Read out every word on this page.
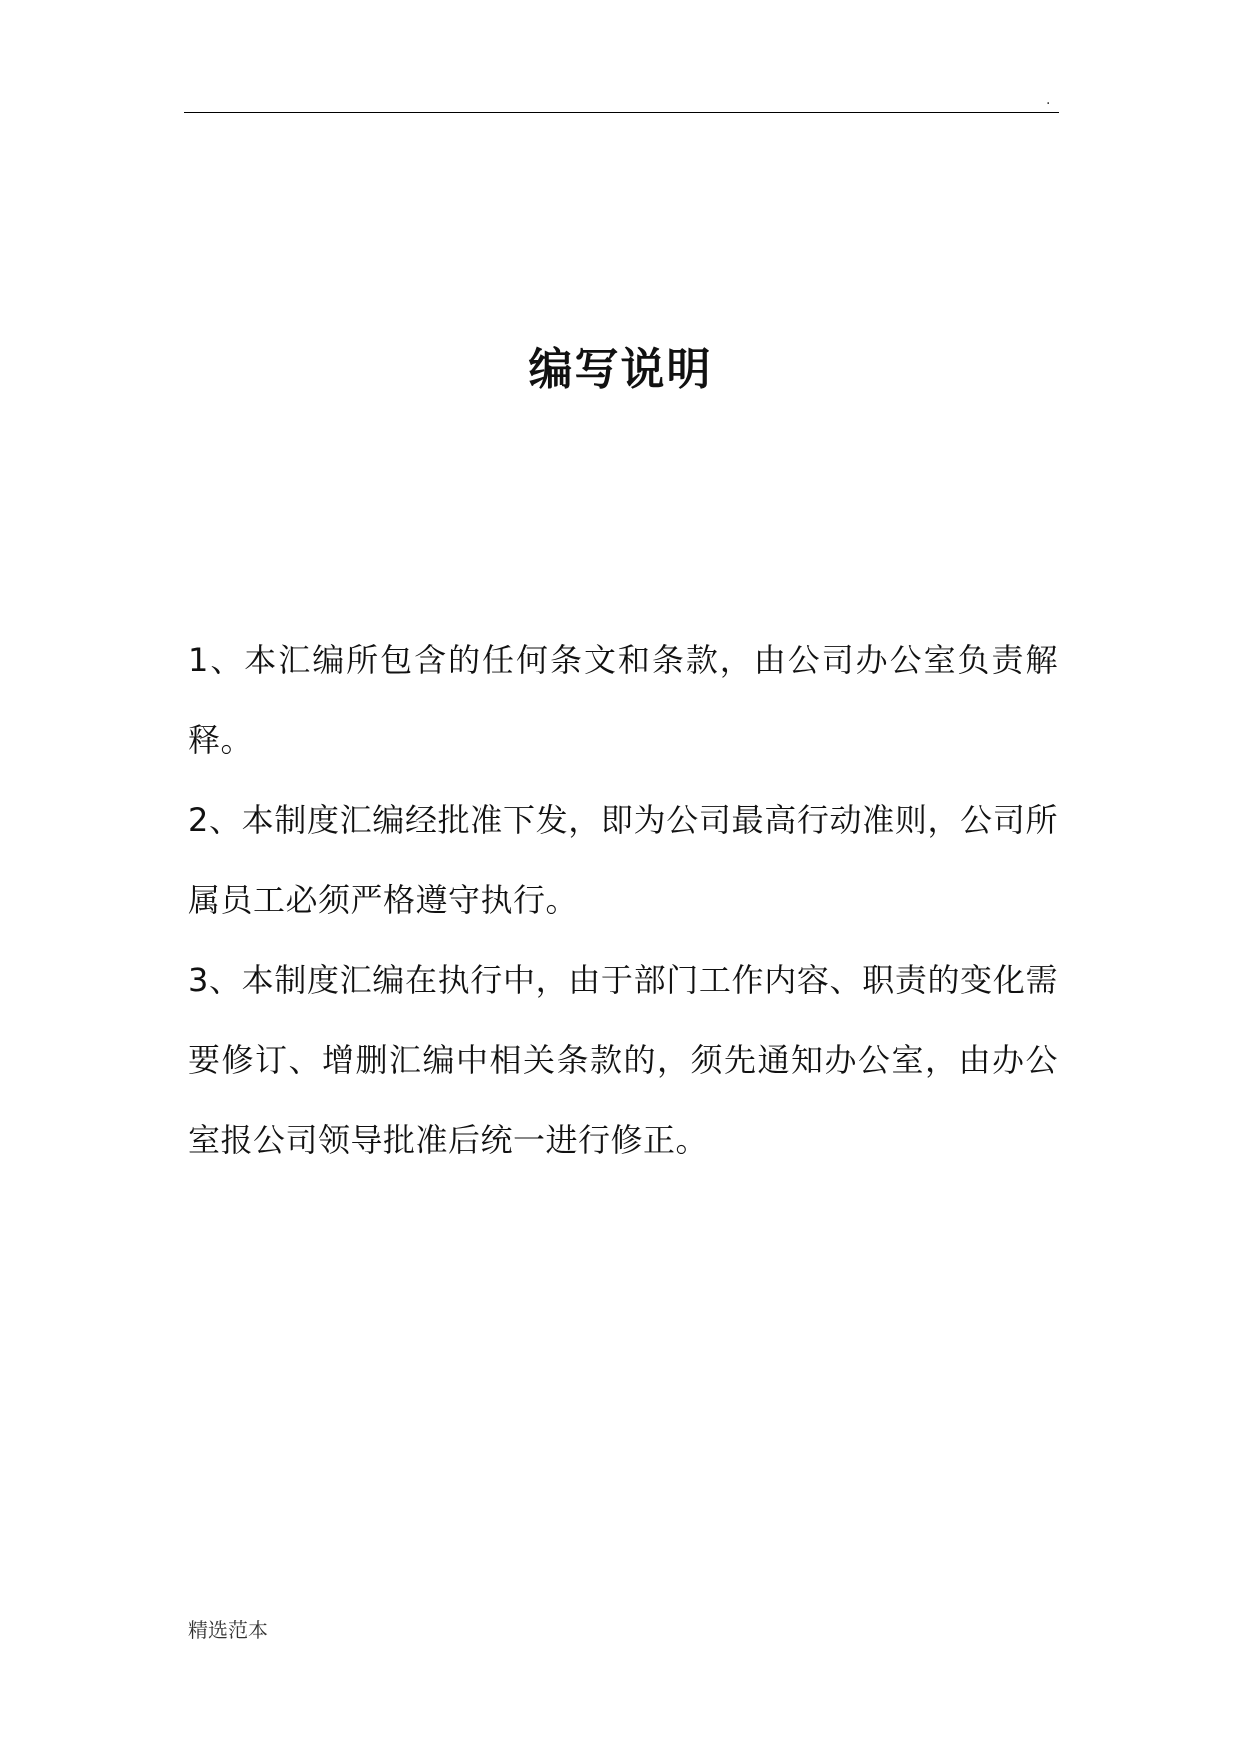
.
编写说明

1、本汇编所包含的任何条文和条款，由公司办公室负责解释。

2、本制度汇编经批准下发，即为公司最高行动准则，公司所属员工必须严格遵守执行。

3、本制度汇编在执行中，由于部门工作内容、职责的变化需要修订、增删汇编中相关条款的，须先通知办公室，由办公室报公司领导批准后统一进行修正。

精选范本
